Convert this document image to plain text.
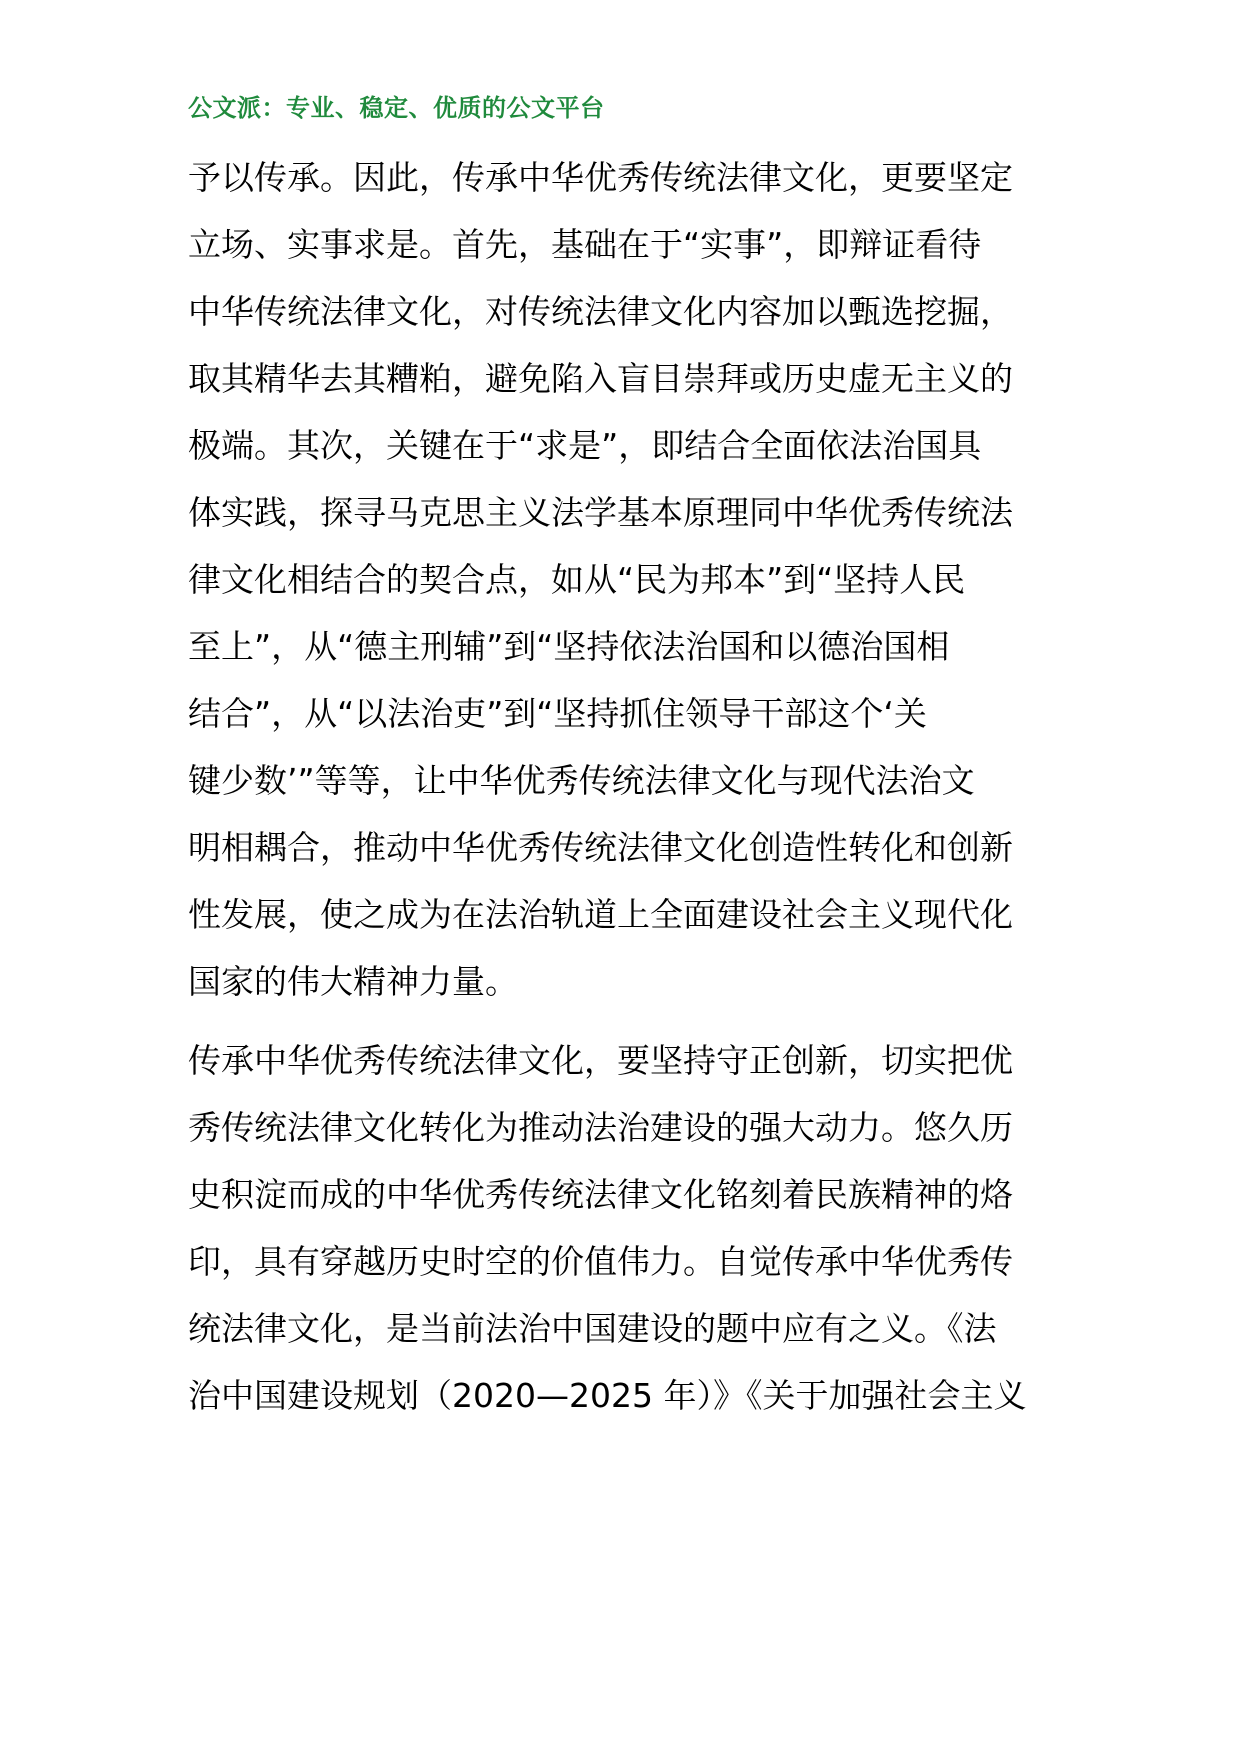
公文派：专业、稳定、优质的公文平台
予以传承。因此，传承中华优秀传统法律文化，更要坚定
立场、实事求是。首先，基础在于“实事”，即辩证看待
中华传统法律文化，对传统法律文化内容加以甄选挖掘，
取其精华去其糟粕，避免陷入盲目崇拜或历史虚无主义的
极端。其次，关键在于“求是”，即结合全面依法治国具
体实践，探寻马克思主义法学基本原理同中华优秀传统法
律文化相结合的契合点，如从“民为邦本”到“坚持人民
至上”，从“德主刑辅”到“坚持依法治国和以德治国相
结合”，从“以法治吏”到“坚持抓住领导干部这个‘关
键少数’”等等，让中华优秀传统法律文化与现代法治文
明相耦合，推动中华优秀传统法律文化创造性转化和创新
性发展，使之成为在法治轨道上全面建设社会主义现代化
国家的伟大精神力量。
传承中华优秀传统法律文化，要坚持守正创新，切实把优
秀传统法律文化转化为推动法治建设的强大动力。悠久历
史积淀而成的中华优秀传统法律文化铭刻着民族精神的烙
印，具有穿越历史时空的价值伟力。自觉传承中华优秀传
统法律文化，是当前法治中国建设的题中应有之义。《法
治中国建设规划（2020—2025 年）》《关于加强社会主义
